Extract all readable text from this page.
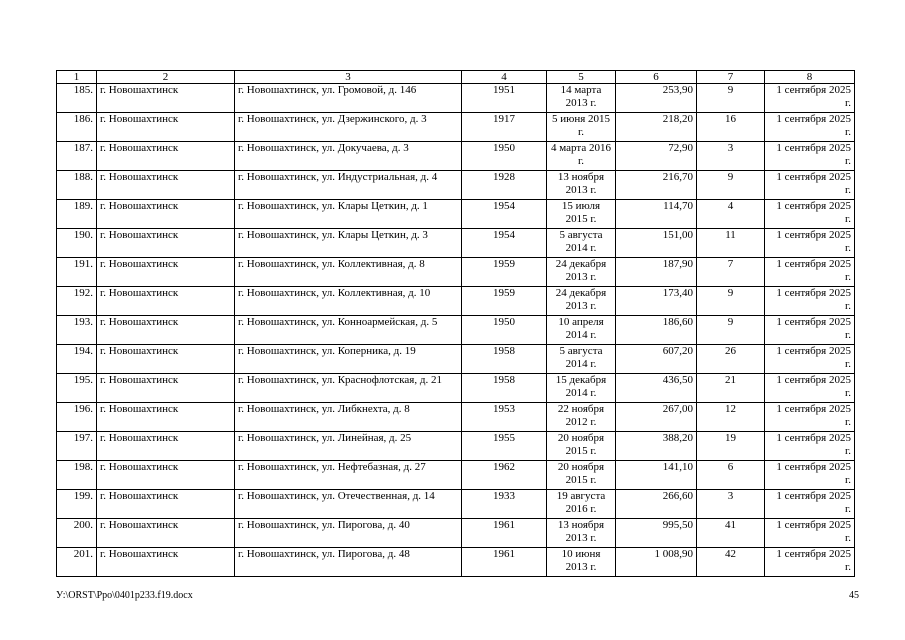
1	2	3	4	5	6	7	8
185.	г. Новошахтинск	г. Новошахтинск, ул. Громовой, д. 146	1951	14 марта 2013 г.	253,90	9	1 сентября 2025 г.
186.	г. Новошахтинск	г. Новошахтинск, ул. Дзержинского, д. 3	1917	5 июня 2015 г.	218,20	16	1 сентября 2025 г.
187.	г. Новошахтинск	г. Новошахтинск, ул. Докучаева, д. 3	1950	4 марта 2016 г.	72,90	3	1 сентября 2025 г.
188.	г. Новошахтинск	г. Новошахтинск, ул. Индустриальная, д. 4	1928	13 ноября 2013 г.	216,70	9	1 сентября 2025 г.
189.	г. Новошахтинск	г. Новошахтинск, ул. Клары Цеткин, д. 1	1954	15 июля 2015 г.	114,70	4	1 сентября 2025 г.
190.	г. Новошахтинск	г. Новошахтинск, ул. Клары Цеткин, д. 3	1954	5 августа 2014 г.	151,00	11	1 сентября 2025 г.
191.	г. Новошахтинск	г. Новошахтинск, ул. Коллективная, д. 8	1959	24 декабря 2013 г.	187,90	7	1 сентября 2025 г.
192.	г. Новошахтинск	г. Новошахтинск, ул. Коллективная, д. 10	1959	24 декабря 2013 г.	173,40	9	1 сентября 2025 г.
193.	г. Новошахтинск	г. Новошахтинск, ул. Конноармейская, д. 5	1950	10 апреля 2014 г.	186,60	9	1 сентября 2025 г.
194.	г. Новошахтинск	г. Новошахтинск, ул. Коперника, д. 19	1958	5 августа 2014 г.	607,20	26	1 сентября 2025 г.
195.	г. Новошахтинск	г. Новошахтинск, ул. Краснофлотская, д. 21	1958	15 декабря 2014 г.	436,50	21	1 сентября 2025 г.
196.	г. Новошахтинск	г. Новошахтинск, ул. Либкнехта, д. 8	1953	22 ноября 2012 г.	267,00	12	1 сентября 2025 г.
197.	г. Новошахтинск	г. Новошахтинск, ул. Линейная, д. 25	1955	20 ноября 2015 г.	388,20	19	1 сентября 2025 г.
198.	г. Новошахтинск	г. Новошахтинск, ул. Нефтебазная, д. 27	1962	20 ноября 2015 г.	141,10	6	1 сентября 2025 г.
199.	г. Новошахтинск	г. Новошахтинск, ул. Отечественная, д. 14	1933	19 августа 2016 г.	266,60	3	1 сентября 2025 г.
200.	г. Новошахтинск	г. Новошахтинск, ул. Пирогова, д. 40	1961	13 ноября 2013 г.	995,50	41	1 сентября 2025 г.
201.	г. Новошахтинск	г. Новошахтинск, ул. Пирогова, д. 48	1961	10 июня 2013 г.	1 008,90	42	1 сентября 2025 г.
У:\ORST\Ppo\0401p233.f19.docx	45
